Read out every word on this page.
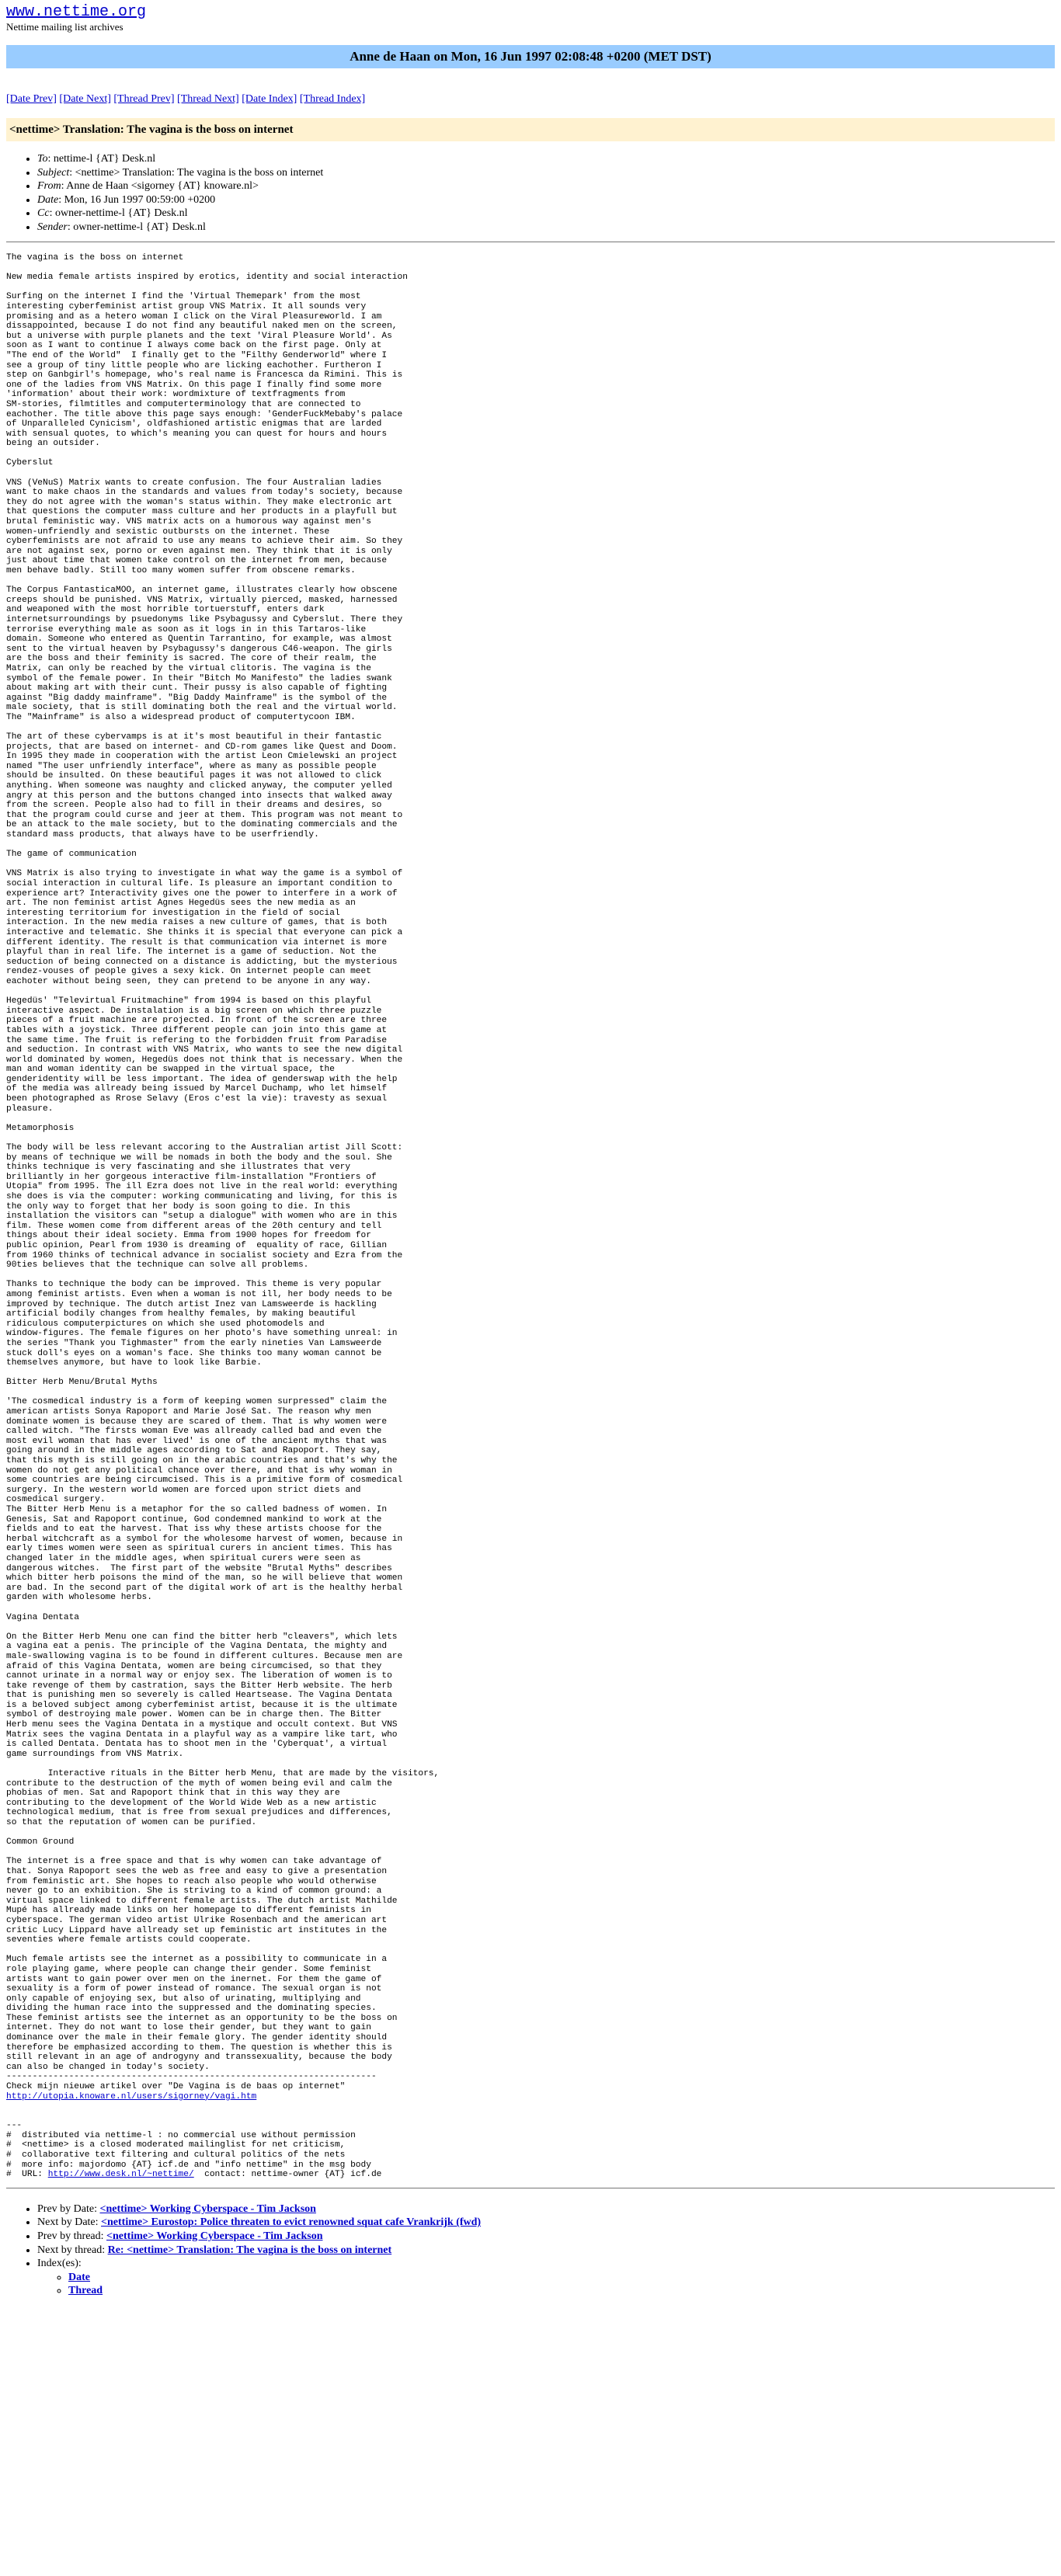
www.nettime.org
Nettime mailing list archives
Anne de Haan on Mon, 16 Jun 1997 02:08:48 +0200 (MET DST)
[Date Prev] [Date Next] [Thread Prev] [Thread Next] [Date Index] [Thread Index]
<nettime> Translation: The vagina is the boss on internet
• To: nettime-l {AT} Desk.nl
• Subject: <nettime> Translation: The vagina is the boss on internet
• From: Anne de Haan <sigorney {AT} knoware.nl>
• Date: Mon, 16 Jun 1997 00:59:00 +0200
• Cc: owner-nettime-l {AT} Desk.nl
• Sender: owner-nettime-l {AT} Desk.nl
The vagina is the boss on internet

New media female artists inspired by erotics, identity and social interaction

Surfing on the internet I find the 'Virtual Themepark' from the most
interesting cyberfeminist artist group VNS Matrix. It all sounds very
promising and as a hetero woman I click on the Viral Pleasureworld. I am
dissappointed, because I do not find any beautiful naked men on the screen,
but a universe with purple planets and the text 'Viral Pleasure World'. As
soon as I want to continue I always come back on the first page. Only at
"The end of the World"  I finally get to the "Filthy Genderworld" where I
see a group of tiny little people who are licking eachother. Furtheron I
step on Ganbgirl's homepage, who's real name is Francesca da Rimini. This is
one of the ladies from VNS Matrix. On this page I finally find some more
'information' about their work: wordmixture of textfragments from
SM-stories, filmtitles and computerterminology that are connected to
eachother. The title above this page says enough: 'GenderFuckMebaby's palace
of Unparalleled Cynicism', oldfashioned artistic enigmas that are larded
with sensual quotes, to which's meaning you can quest for hours and hours
being an outsider.

Cyberslut

VNS (VeNuS) Matrix wants to create confusion. The four Australian ladies
want to make chaos in the standards and values from today's society, because
they do not agree with the woman's status within. They make electronic art
that questions the computer mass culture and her products in a playfull but
brutal feministic way. VNS matrix acts on a humorous way against men's
women-unfriendly and sexistic outbursts on the internet. These
cyberfeminists are not afraid to use any means to achieve their aim. So they
are not against sex, porno or even against men. They think that it is only
just about time that women take control on the internet from men, because
men behave badly. Still too many women suffer from obscene remarks.

The Corpus FantasticaMOO, an internet game, illustrates clearly how obscene
creeps should be punished. VNS Matrix, virtually pierced, masked, harnessed
and weaponed with the most horrible tortuerstuff, enters dark
internetsurroundings by psuedonyms like Psybagussy and Cyberslut. There they
terrorise everything male as soon as it logs in in this Tartaros-like
domain. Someone who entered as Quentin Tarrantino, for example, was almost
sent to the virtual heaven by Psybagussy's dangerous C46-weapon. The girls
are the boss and their feminity is sacred. The core of their realm, the
Matrix, can only be reached by the virtual clitoris. The vagina is the
symbol of the female power. In their "Bitch Mo Manifesto" the ladies swank
about making art with their cunt. Their pussy is also capable of fighting
against "Big daddy mainframe". "Big Daddy Mainframe" is the symbol of the
male society, that is still dominating both the real and the virtual world.
The "Mainframe" is also a widespread product of computertycoon IBM.

The art of these cybervamps is at it's most beautiful in their fantastic
projects, that are based on internet- and CD-rom games like Quest and Doom.
In 1995 they made in cooperation with the artist Leon Cmielewski an project
named "The user unfriendly interface", where as many as possible people
should be insulted. On these beautiful pages it was not allowed to click
anything. When someone was naughty and clicked anyway, the computer yelled
angry at this person and the buttons changed into insects that walked away
from the screen. People also had to fill in their dreams and desires, so
that the program could curse and jeer at them. This program was not meant to
be an attack to the male society, but to the dominating commercials and the
standard mass products, that always have to be userfriendly.

The game of communication

VNS Matrix is also trying to investigate in what way the game is a symbol of
social interaction in cultural life. Is pleasure an important condition to
experience art? Interactivity gives one the power to interfere in a work of
art. The non feminist artist Agnes Hegedüs sees the new media as an
interesting territorium for investigation in the field of social
interaction. In the new media raises a new culture of games, that is both
interactive and telematic. She thinks it is special that everyone can pick a
different identity. The result is that communication via internet is more
playful than in real life. The internet is a game of seduction. Not the
seduction of being connected on a distance is addicting, but the mysterious
rendez-vouses of people gives a sexy kick. On internet people can meet
eachoter without being seen, they can pretend to be anyone in any way.

Hegedüs' "Televirtual Fruitmachine" from 1994 is based on this playful
interactive aspect. De instalation is a big screen on which three puzzle
pieces of a fruit machine are projected. In front of the screen are three
tables with a joystick. Three different people can join into this game at
the same time. The fruit is refering to the forbidden fruit from Paradise
and seduction. In contrast with VNS Matrix, who wants to see the new digital
world dominated by women, Hegedüs does not think that is necessary. When the
man and woman identity can be swapped in the virtual space, the
genderidentity will be less important. The idea of genderswap with the help
of the media was allready being issued by Marcel Duchamp, who let himself
been photographed as Rrose Selavy (Eros c'est la vie): travesty as sexual
pleasure.

Metamorphosis

The body will be less relevant accoring to the Australian artist Jill Scott:
by means of technique we will be nomads in both the body and the soul. She
thinks technique is very fascinating and she illustrates that very
brilliantly in her gorgeous interactive film-installation "Frontiers of
Utopia" from 1995. The ill Ezra does not live in the real world: everything
she does is via the computer: working communicating and living, for this is
the only way to forget that her body is soon going to die. In this
installation the visitors can "setup a dialogue" with women who are in this
film. These women come from different areas of the 20th century and tell
things about their ideal society. Emma from 1900 hopes for freedom for
public opinion, Pearl from 1930 is dreaming of  equality of race, Gillian
from 1960 thinks of technical advance in socialist society and Ezra from the
90ties believes that the technique can solve all problems.

Thanks to technique the body can be improved. This theme is very popular
among feminist artists. Even when a woman is not ill, her body needs to be
improved by technique. The dutch artist Inez van Lamsweerde is hackling
artificial bodily changes from healthy females, by making beautiful
ridiculous computerpictures on which she used photomodels and
window-figures. The female figures on her photo's have something unreal: in
the series "Thank you Tighmaster" from the early nineties Van Lamsweerde
stuck doll's eyes on a woman's face. She thinks too many woman cannot be
themselves anymore, but have to look like Barbie.

Bitter Herb Menu/Brutal Myths

'The cosmedical industry is a form of keeping women surpressed" claim the
american artists Sonya Rapoport and Marie José Sat. The reason why men
dominate women is because they are scared of them. That is why women were
called witch. "The firsts woman Eve was allready called bad and even the
most evil woman that has ever lived' is one of the ancient myths that was
going around in the middle ages according to Sat and Rapoport. They say,
that this myth is still going on in the arabic countries and that's why the
women do not get any political chance over there, and that is why woman in
some countries are being circumcised. This is a primitive form of cosmedical
surgery. In the western world women are forced upon strict diets and
cosmedical surgery.
The Bitter Herb Menu is a metaphor for the so called badness of women. In
Genesis, Sat and Rapoport continue, God condemned mankind to work at the
fields and to eat the harvest. That iss why these artists choose for the
herbal witchcraft as a symbol for the wholesome harvest of women, because in
early times women were seen as spiritual curers in ancient times. This has
changed later in the middle ages, when spiritual curers were seen as
dangerous witches.  The first part of the website "Brutal Myths" describes
which bitter herb poisons the mind of the man, so he will believe that women
are bad. In the second part of the digital work of art is the healthy herbal
garden with wholesome herbs.

Vagina Dentata

On the Bitter Herb Menu one can find the bitter herb "cleavers", which lets
a vagina eat a penis. The principle of the Vagina Dentata, the mighty and
male-swallowing vagina is to be found in different cultures. Because men are
afraid of this Vagina Dentata, women are being circumcised, so that they
cannot urinate in a normal way or enjoy sex. The liberation of women is to
take revenge of them by castration, says the Bitter Herb website. The herb
that is punishing men so severely is called Heartsease. The Vagina Dentata
is a beloved subject among cyberfeminist artist, because it is the ultimate
symbol of destroying male power. Women can be in charge then. The Bitter
Herb menu sees the Vagina Dentata in a mystique and occult context. But VNS
Matrix sees the vagina Dentata in a playful way as a vampire like tart, who
is called Dentata. Dentata has to shoot men in the 'Cyberquat', a virtual
game surroundings from VNS Matrix.

Interactive rituals in the Bitter herb Menu, that are made by the visitors,
contribute to the destruction of the myth of women being evil and calm the
phobias of men. Sat and Rapoport think that in this way they are
contributing to the development of the World Wide Web as a new artistic
technological medium, that is free from sexual prejudices and differences,
so that the reputation of women can be purified.

Common Ground

The internet is a free space and that is why women can take advantage of
that. Sonya Rapoport sees the web as free and easy to give a presentation
from feministic art. She hopes to reach also people who would otherwise
never go to an exhibition. She is striving to a kind of common ground: a
virtual space linked to different female artists. The dutch artist Mathilde
Mupé has allready made links on her homepage to different feminists in
cyberspace. The german video artist Ulrike Rosenbach and the american art
critic Lucy Lippard have allready set up feministic art institutes in the
seventies where female artists could cooperate.

Much female artists see the internet as a possibility to communicate in a
role playing game, where people can change their gender. Some feminist
artists want to gain power over men on the inernet. For them the game of
sexuality is a form of power instead of romance. The sexual organ is not
only capable of enjoying sex, but also of urinating, multiplying and
dividing the human race into the suppressed and the dominating species.
These feminist artists see the internet as an opportunity to be the boss on
internet. They do not want to lose their gender, but they want to gain
dominance over the male in their female glory. The gender identity should
therefore be emphasized according to them. The question is whether this is
still relevant in an age of androgyny and transsexuality, because the body
can also be changed in today's society.
-----------------------------------------------------------------------
Check mijn nieuwe artikel over "De Vagina is de baas op internet"

http://utopia.knoware.nl/users/sigorney/vagi.htm
---
#  distributed via nettime-l : no commercial use without permission
#  <nettime> is a closed moderated mailinglist for net criticism,
#  collaborative text filtering and cultural politics of the nets
#  more info: majordomo {AT} icf.de and "info nettime" in the msg body
#  URL: http://www.desk.nl/~nettime/  contact: nettime-owner {AT} icf.de
• Prev by Date: <nettime> Working Cyberspace - Tim Jackson
• Next by Date: <nettime> Eurostop: Police threaten to evict renowned squat cafe Vrankrijk (fwd)
• Prev by thread: <nettime> Working Cyberspace - Tim Jackson
• Next by thread: Re: <nettime> Translation: The vagina is the boss on internet
• Index(es):
◦ Date
◦ Thread
